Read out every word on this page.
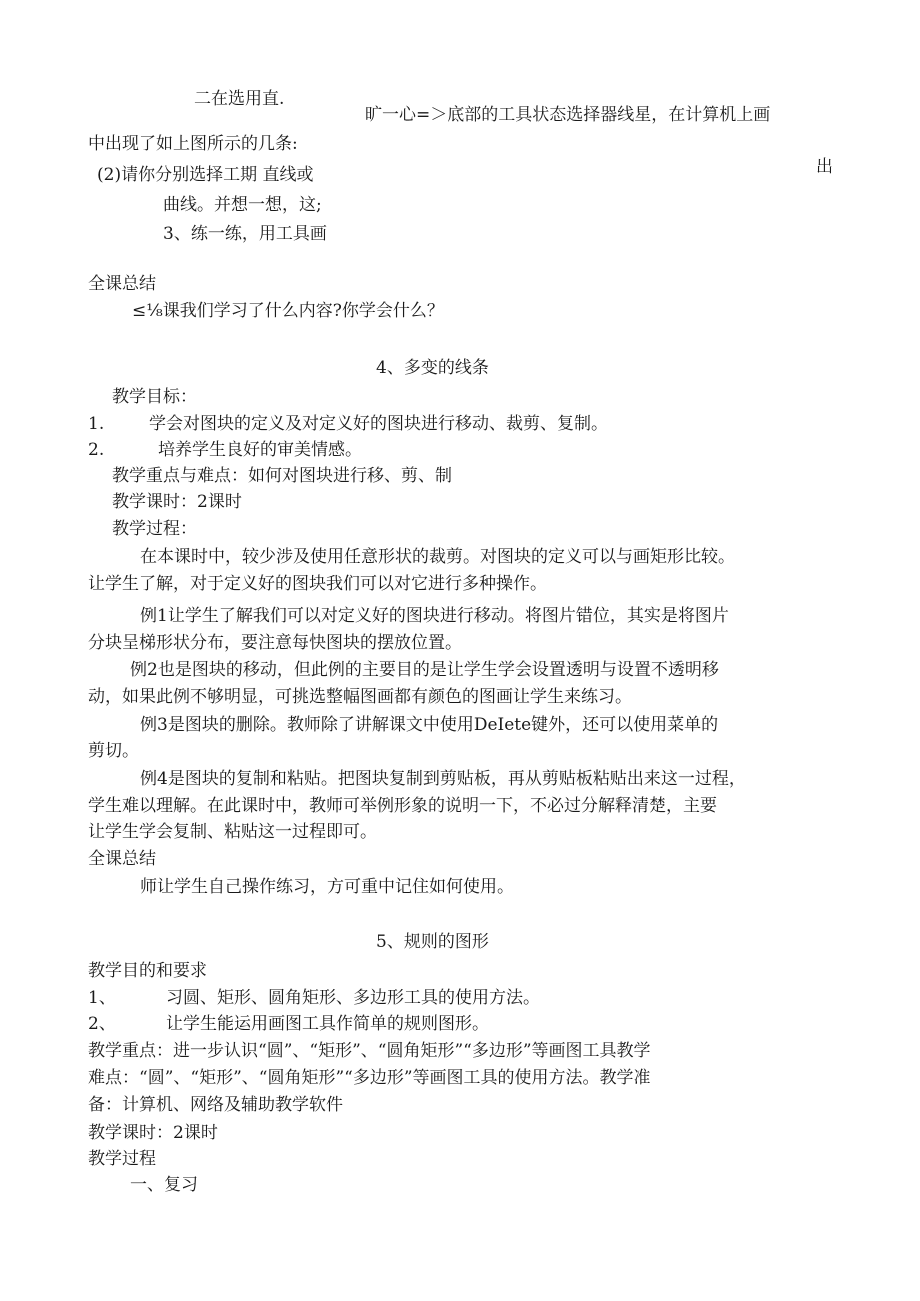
二在选用直.
旷一心=＞底部的工具状态选择器线星，在计算机上画
中出现了如上图所示的几条:
出
(2)请你分别选择工期 直线或
曲线。并想一想，这;
3、练一练，用工具画
全课总结
≤⅛课我们学习了什么内容?你学会什么？
4、多变的线条
教学目标：
1.	学会对图块的定义及对定义好的图块进行移动、裁剪、复制。
2.	培养学生良好的审美情感。
教学重点与难点：如何对图块进行移、剪、制
教学课时：2课时
教学过程：
在本课时中，较少涉及使用任意形状的裁剪。对图块的定义可以与画矩形比较。
让学生了解，对于定义好的图块我们可以对它进行多种操作。
例1让学生了解我们可以对定义好的图块进行移动。将图片错位，其实是将图片
分块呈梯形状分布，要注意每快图块的摆放位置。
例2也是图块的移动，但此例的主要目的是让学生学会设置透明与设置不透明移
动，如果此例不够明显，可挑选整幅图画都有颜色的图画让学生来练习。
例3是图块的删除。教师除了讲解课文中使用DeIete键外，还可以使用菜单的
剪切。
例4是图块的复制和粘贴。把图块复制到剪贴板，再从剪贴板粘贴出来这一过程，
学生难以理解。在此课时中，教师可举例形象的说明一下，不必过分解释清楚，主要
让学生学会复制、粘贴这一过程即可。
全课总结
师让学生自己操作练习，方可重中记住如何使用。
5、规则的图形
教学目的和要求
1、	习圆、矩形、圆角矩形、多边形工具的使用方法。
2、	让学生能运用画图工具作简单的规则图形。
教学重点：进一步认识“圆”、“矩形”、“圆角矩形”“多边形”等画图工具教学
难点：“圆”、“矩形”、“圆角矩形”“多边形”等画图工具的使用方法。教学准
备：计算机、网络及辅助教学软件
教学课时：2课时
教学过程
一、复习
